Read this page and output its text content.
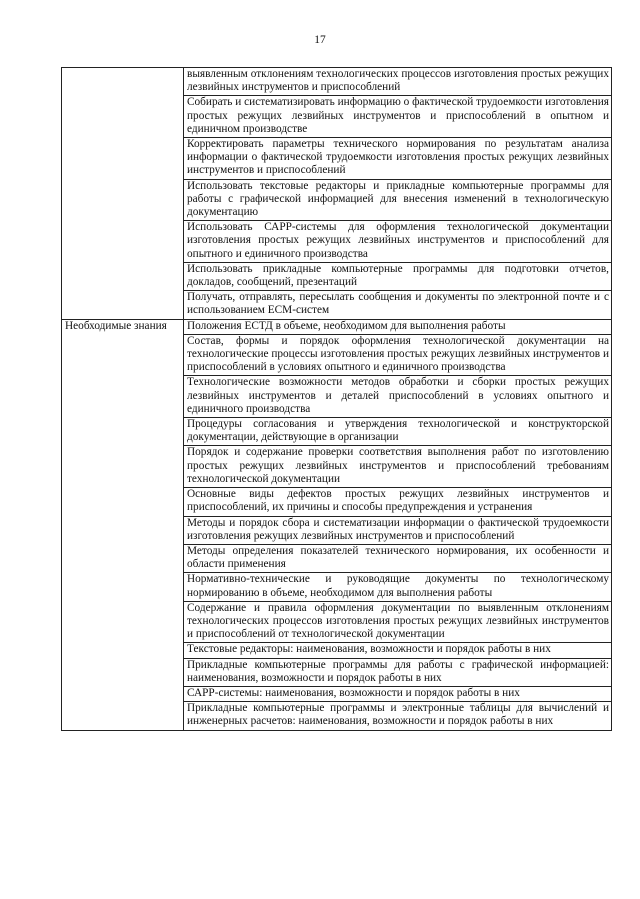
17
	выявленным отклонениям технологических процессов изготовления простых режущих лезвийных инструментов и приспособлений
	Собирать и систематизировать информацию о фактической трудоемкости изготовления простых режущих лезвийных инструментов и приспособлений в опытном и единичном производстве
	Корректировать параметры технического нормирования по результатам анализа информации о фактической трудоемкости изготовления простых режущих лезвийных инструментов и приспособлений
	Использовать текстовые редакторы и прикладные компьютерные программы для работы с графической информацией для внесения изменений в технологическую документацию
	Использовать САРР-системы для оформления технологической документации изготовления простых режущих лезвийных инструментов и приспособлений для опытного и единичного производства
	Использовать прикладные компьютерные программы для подготовки отчетов, докладов, сообщений, презентаций
	Получать, отправлять, пересылать сообщения и документы по электронной почте и с использованием ECM-систем
Необходимые знания	Положения ЕСТД в объеме, необходимом для выполнения работы
	Состав, формы и порядок оформления технологической документации на технологические процессы изготовления простых режущих лезвийных инструментов и приспособлений в условиях опытного и единичного производства
	Технологические возможности методов обработки и сборки простых режущих лезвийных инструментов и деталей приспособлений в условиях опытного и единичного производства
	Процедуры согласования и утверждения технологической и конструкторской документации, действующие в организации
	Порядок и содержание проверки соответствия выполнения работ по изготовлению простых режущих лезвийных инструментов и приспособлений требованиям технологической документации
	Основные виды дефектов простых режущих лезвийных инструментов и приспособлений, их причины и способы предупреждения и устранения
	Методы и порядок сбора и систематизации информации о фактической трудоемкости изготовления режущих лезвийных инструментов и приспособлений
	Методы определения показателей технического нормирования, их особенности и области применения
	Нормативно-технические и руководящие документы по технологическому нормированию в объеме, необходимом для выполнения работы
	Содержание и правила оформления документации по выявленным отклонениям технологических процессов изготовления простых режущих лезвийных инструментов и приспособлений от технологической документации
	Текстовые редакторы: наименования, возможности и порядок работы в них
	Прикладные компьютерные программы для работы с графической информацией: наименования, возможности и порядок работы в них
	САРР-системы: наименования, возможности и порядок работы в них
	Прикладные компьютерные программы и электронные таблицы для вычислений и инженерных расчетов: наименования, возможности и порядок работы в них
